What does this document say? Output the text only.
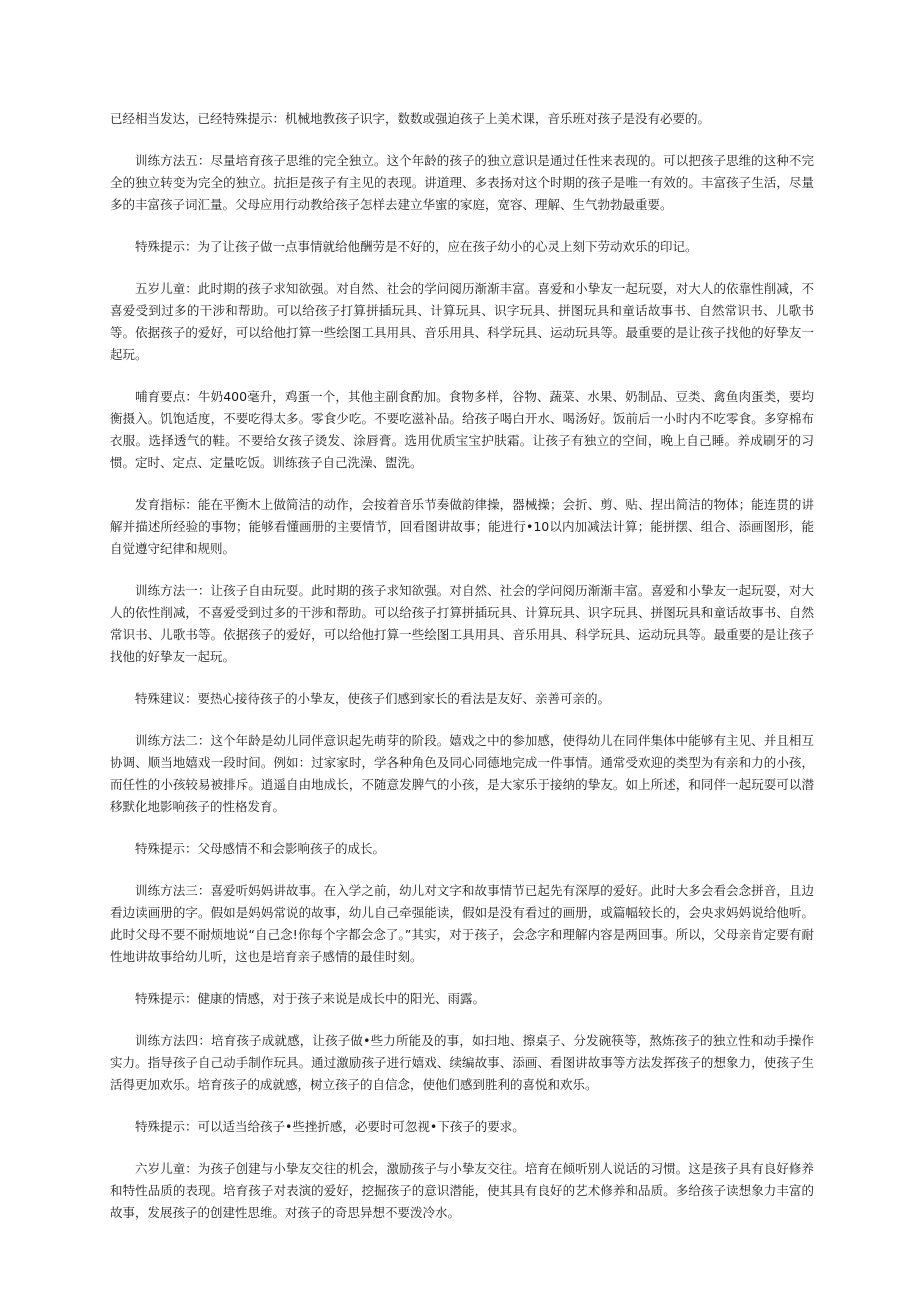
已经相当发达，已经特殊提示：机械地教孩子识字，数数或强迫孩子上美术课，音乐班对孩子是没有必要的。

训练方法五：尽量培育孩子思维的完全独立。这个年龄的孩子的独立意识是通过任性来表现的。可以把孩子思维的这种不完全的独立转变为完全的独立。抗拒是孩子有主见的表现。讲道理、多表扬对这个时期的孩子是唯一有效的。丰富孩子生活，尽量多的丰富孩子词汇量。父母应用行动教给孩子怎样去建立华蜜的家庭，宽容、理解、生气勃勃最重要。

特殊提示：为了让孩子做一点事情就给他酬劳是不好的，应在孩子幼小的心灵上刻下劳动欢乐的印记。

五岁儿童：此时期的孩子求知欲强。对自然、社会的学问阅历渐渐丰富。喜爱和小挚友一起玩耍，对大人的依靠性削减，不喜爱受到过多的干涉和帮助。可以给孩子打算拼插玩具、计算玩具、识字玩具、拼图玩具和童话故事书、自然常识书、儿歌书等。依据孩子的爱好，可以给他打算一些绘图工具用具、音乐用具、科学玩具、运动玩具等。最重要的是让孩子找他的好挚友一起玩。

哺育要点：牛奶400毫升，鸡蛋一个，其他主副食酌加。食物多样，谷物、蔬菜、水果、奶制品、豆类、禽鱼肉蛋类，要均衡摄入。饥饱适度，不要吃得太多。零食少吃。不要吃滋补品。给孩子喝白开水、喝汤好。饭前后一小时内不吃零食。多穿棉布衣服。选择透气的鞋。不要给女孩子烫发、涂唇膏。选用优质宝宝护肤霜。让孩子有独立的空间，晚上自己睡。养成刷牙的习惯。定时、定点、定量吃饭。训练孩子自己洗澡、盥洗。

发育指标：能在平衡木上做简洁的动作，会按着音乐节奏做韵律操，器械操；会折、剪、贴、捏出简洁的物体；能连贯的讲解并描述所经验的事物；能够看懂画册的主要情节，回看图讲故事；能进行•10以内加减法计算；能拼摆、组合、添画图形，能自觉遵守纪律和规则。

训练方法一：让孩子自由玩耍。此时期的孩子求知欲强。对自然、社会的学问阅历渐渐丰富。喜爱和小挚友一起玩耍，对大人的依性削减，不喜爱受到过多的干涉和帮助。可以给孩子打算拼插玩具、计算玩具、识字玩具、拼图玩具和童话故事书、自然常识书、儿歌书等。依据孩子的爱好，可以给他打算一些绘图工具用具、音乐用具、科学玩具、运动玩具等。最重要的是让孩子找他的好挚友一起玩。

特殊建议：要热心接待孩子的小挚友，使孩子们感到家长的看法是友好、亲善可亲的。

训练方法二：这个年龄是幼儿同伴意识起先萌芽的阶段。嬉戏之中的参加感，使得幼儿在同伴集体中能够有主见、并且相互协调、顺当地嬉戏一段时间。例如：过家家时，学各种角色及同心同德地完成一件事情。通常受欢迎的类型为有亲和力的小孩，而任性的小孩较易被排斥。逍遥自由地成长，不随意发脾气的小孩，是大家乐于接纳的挚友。如上所述，和同伴一起玩耍可以潜移默化地影响孩子的性格发育。

特殊提示：父母感情不和会影响孩子的成长。

训练方法三：喜爱听妈妈讲故事。在入学之前，幼儿对文字和故事情节已起先有深厚的爱好。此时大多会看会念拼音，且边看边读画册的字。假如是妈妈常说的故事，幼儿自己牵强能读，假如是没有看过的画册，或篇幅较长的，会央求妈妈说给他听。此时父母不要不耐烦地说“自己念!你每个字都会念了。”其实，对于孩子，会念字和理解内容是两回事。所以，父母亲肯定要有耐性地讲故事给幼儿听，这也是培育亲子感情的最佳时刻。

特殊提示：健康的情感，对于孩子来说是成长中的阳光、雨露。

训练方法四：培育孩子成就感，让孩子做•些力所能及的事，如扫地、擦桌子、分发碗筷等，熬炼孩子的独立性和动手操作实力。指导孩子自己动手制作玩具。通过激励孩子进行嬉戏、续编故事、添画、看图讲故事等方法发挥孩子的想象力，使孩子生活得更加欢乐。培育孩子的成就感，树立孩子的自信念，使他们感到胜利的喜悦和欢乐。

特殊提示：可以适当给孩子•些挫折感，必要时可忽视•下孩子的要求。

六岁儿童：为孩子创建与小挚友交往的机会，激励孩子与小挚友交往。培育在倾听别人说话的习惯。这是孩子具有良好修养和特性品质的表现。培育孩子对表演的爱好，挖掘孩子的意识潜能，使其具有良好的艺术修养和品质。多给孩子读想象力丰富的故事，发展孩子的创建性思维。对孩子的奇思异想不要泼冷水。
